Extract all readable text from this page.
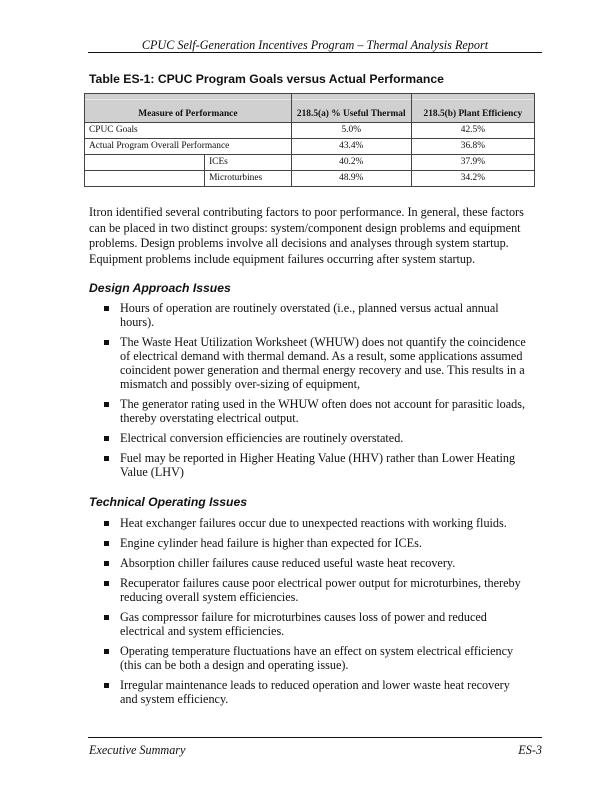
CPUC Self-Generation Incentives Program – Thermal Analysis Report
Table ES-1: CPUC Program Goals versus Actual Performance
Measure of Performance		218.5(a) % Useful Thermal	218.5(b) Plant Efficiency
CPUC Goals		5.0%	42.5%
Actual Program Overall Performance		43.4%	36.8%
	ICEs	40.2%	37.9%
	Microturbines	48.9%	34.2%
Itron identified several contributing factors to poor performance. In general, these factors can be placed in two distinct groups: system/component design problems and equipment problems. Design problems involve all decisions and analyses through system startup. Equipment problems include equipment failures occurring after system startup.
Design Approach Issues
Hours of operation are routinely overstated (i.e., planned versus actual annual hours).
The Waste Heat Utilization Worksheet (WHUW) does not quantify the coincidence of electrical demand with thermal demand. As a result, some applications assumed coincident power generation and thermal energy recovery and use. This results in a mismatch and possibly over-sizing of equipment,
The generator rating used in the WHUW often does not account for parasitic loads, thereby overstating electrical output.
Electrical conversion efficiencies are routinely overstated.
Fuel may be reported in Higher Heating Value (HHV) rather than Lower Heating Value (LHV)
Technical Operating Issues
Heat exchanger failures occur due to unexpected reactions with working fluids.
Engine cylinder head failure is higher than expected for ICEs.
Absorption chiller failures cause reduced useful waste heat recovery.
Recuperator failures cause poor electrical power output for microturbines, thereby reducing overall system efficiencies.
Gas compressor failure for microturbines causes loss of power and reduced electrical and system efficiencies.
Operating temperature fluctuations have an effect on system electrical efficiency (this can be both a design and operating issue).
Irregular maintenance leads to reduced operation and lower waste heat recovery and system efficiency.
Executive Summary	ES-3
